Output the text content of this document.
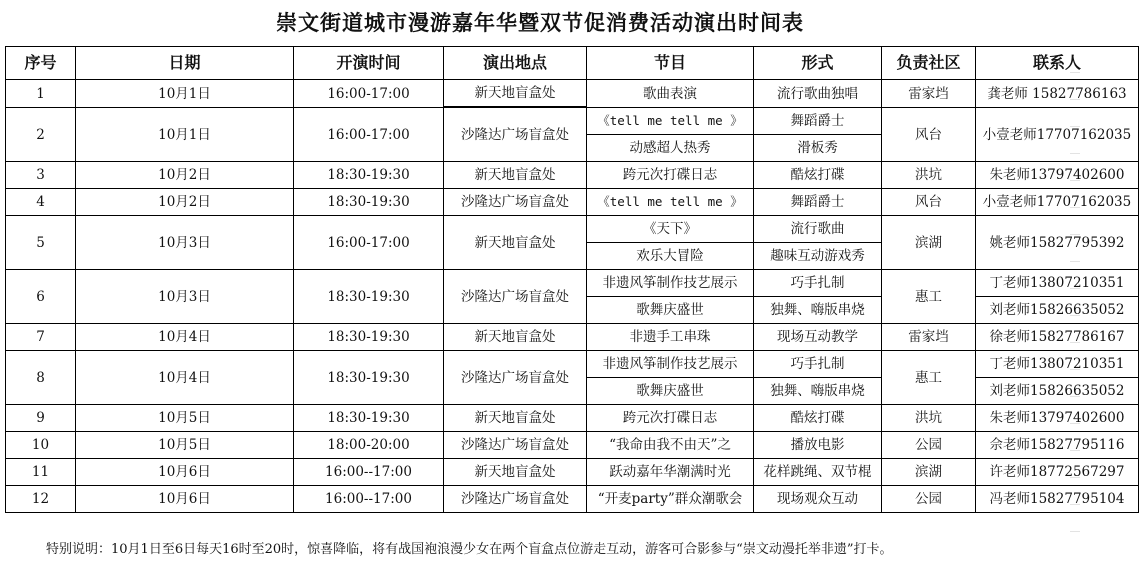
崇文街道城市漫游嘉年华暨双节促消费活动演出时间表
序号	日期	开演时间	演出地点	节目	形式	负责社区	联系人
1	10月1日	16:00-17:00	新天地盲盒处	歌曲表演	流行歌曲独唱	雷家垱	龚老师 15827786163

2	10月1日	16:00-17:00	沙隆达广场盲盒处	《tell me tell me 》	舞蹈爵士	风台	小壹老师17707162035
				动感超人热秀	滑板秀		
3	10月2日	18:30-19:30	新天地盲盒处	跨元次打碟日志	酷炫打碟	洪坑	朱老师13797402600
4	10月2日	18:30-19:30	沙隆达广场盲盒处	《tell me tell me 》	舞蹈爵士	风台	小壹老师17707162035
5	10月3日	16:00-17:00	新天地盲盒处	《天下》	流行歌曲	滨湖	姚老师15827795392
				欢乐大冒险	趣味互动游戏秀		
6	10月3日	18:30-19:30	沙隆达广场盲盒处	非遗风筝制作技艺展示	巧手扎制	惠工	丁老师13807210351
				歌舞庆盛世	独舞、嗨版串烧		刘老师15826635052
7	10月4日	18:30-19:30	新天地盲盒处	非遗手工串珠	现场互动教学	雷家垱	徐老师15827786167
8	10月4日	18:30-19:30	沙隆达广场盲盒处	非遗风筝制作技艺展示	巧手扎制	惠工	丁老师13807210351
				歌舞庆盛世	独舞、嗨版串烧		刘老师15826635052
9	10月5日	18:30-19:30	新天地盲盒处	跨元次打碟日志	酷炫打碟	洪坑	朱老师13797402600
10	10月5日	18:00-20:00	沙隆达广场盲盒处	“我命由我不由天”之	播放电影	公园	佘老师15827795116
11	10月6日	16:00--17:00	新天地盲盒处	跃动嘉年华潮满时光	花样跳绳、双节棍	滨湖	许老师18772567297
12	10月6日	16:00--17:00	沙隆达广场盲盒处	“开麦party”群众潮歌会	现场观众互动	公园	冯老师15827795104
特别说明：10月1日至6日每天16时至20时，惊喜降临，将有战国袍浪漫少女在两个盲盒点位游走互动，游客可合影参与“崇文动漫托举非遗”打卡。
